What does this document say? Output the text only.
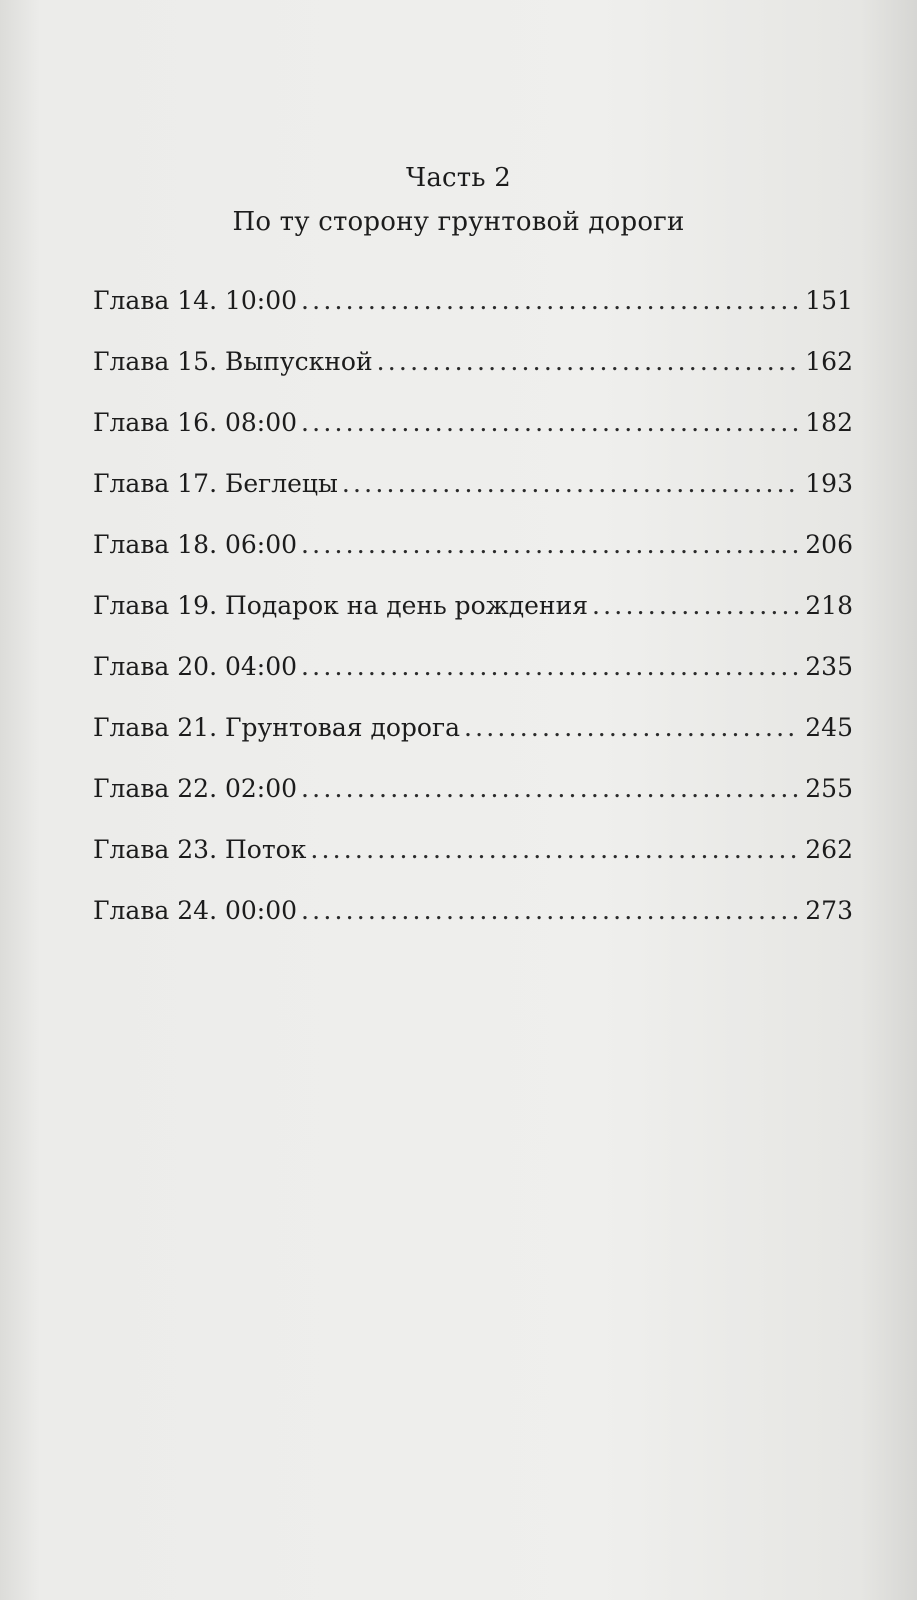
Часть 2
По ту сторону грунтовой дороги
Глава 14. 10:00 .....	151
Глава 15. Выпускной .....	162
Глава 16. 08:00 .....	182
Глава 17. Беглецы .....	193
Глава 18. 06:00 .....	206
Глава 19. Подарок на день рождения .....	218
Глава 20. 04:00 .....	235
Глава 21. Грунтовая дорога .....	245
Глава 22. 02:00 .....	255
Глава 23. Поток .....	262
Глава 24. 00:00 .....	273
